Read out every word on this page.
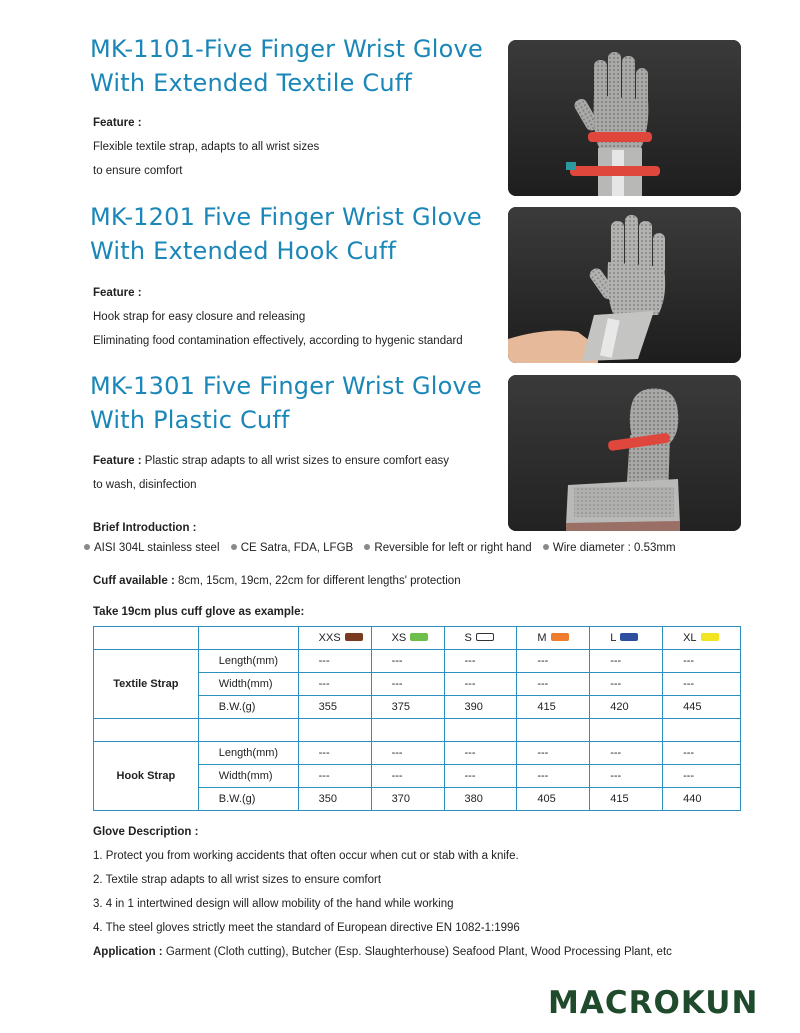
MK-1101-Five Finger Wrist Glove
With Extended Textile Cuff
Feature :
Flexible textile strap, adapts to all wrist sizes
to ensure comfort
MK-1201 Five Finger Wrist Glove
With Extended Hook Cuff
Feature :
Hook strap for easy closure and releasing
Eliminating food contamination effectively, according to hygenic standard
MK-1301 Five Finger Wrist Glove
With Plastic Cuff
Feature : Plastic strap adapts to all wrist sizes to ensure comfort easy
to wash, disinfection
Brief Introduction :
AISI 304L stainless steel CE Satra, FDA, LFGB Reversible for left or right hand Wire diameter : 0.53mm
Cuff available : 8cm, 15cm, 19cm, 22cm for different lengths' protection
Take 19cm plus cuff glove as example:
		XXS	XS	S	M	L	XL
Textile Strap	Length(mm)	---	---	---	---	---	---
	Width(mm)	---	---	---	---	---	---
	B.W.(g)	355	375	390	415	420	445

Hook Strap	Length(mm)	---	---	---	---	---	---
	Width(mm)	---	---	---	---	---	---
	B.W.(g)	350	370	380	405	415	440
Glove Description :
1. Protect you from working accidents that often occur when cut or stab with a knife.
2. Textile strap adapts to all wrist sizes to ensure comfort
3. 4 in 1 intertwined design will allow mobility of the hand while working
4. The steel gloves strictly meet the standard of European directive EN 1082-1:1996
Application : Garment (Cloth cutting), Butcher (Esp. Slaughterhouse) Seafood Plant, Wood Processing Plant, etc
MACROKUN
